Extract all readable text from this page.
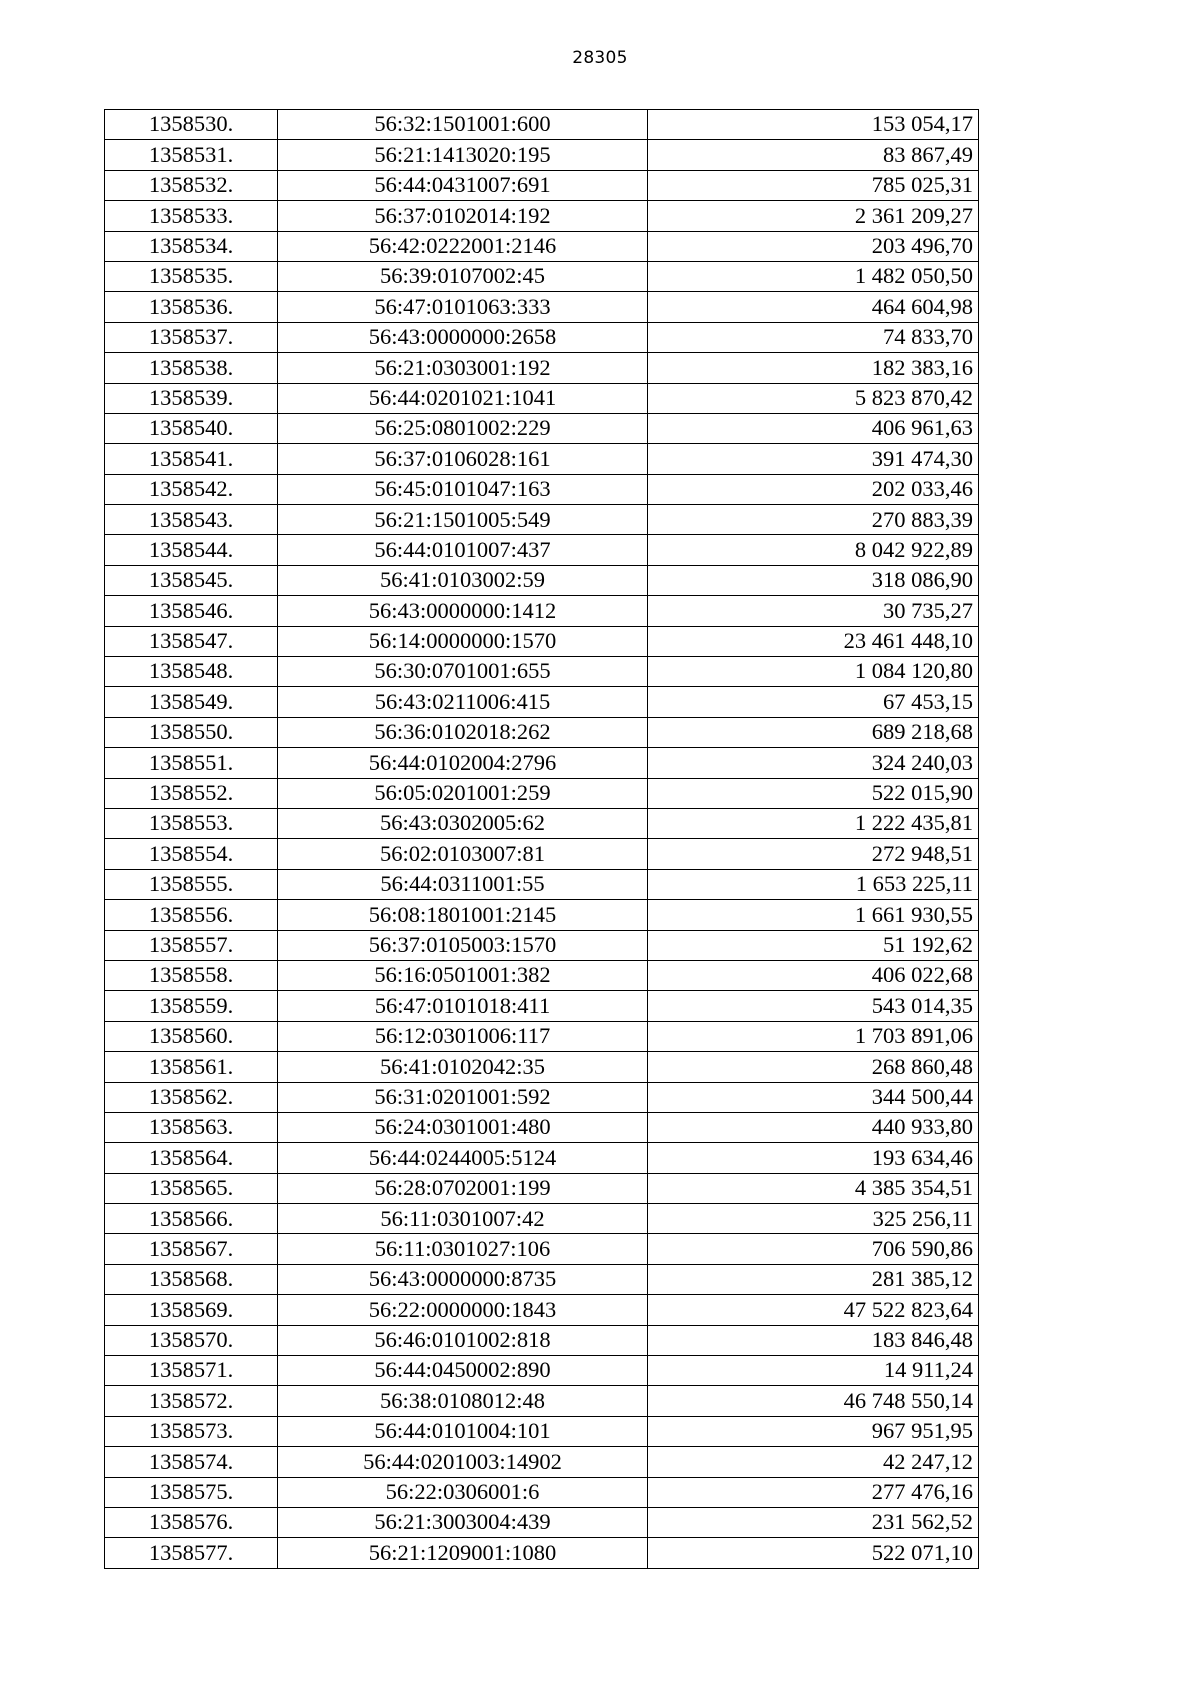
28305
1358530.	56:32:1501001:600	153 054,17
1358531.	56:21:1413020:195	83 867,49
1358532.	56:44:0431007:691	785 025,31
1358533.	56:37:0102014:192	2 361 209,27
1358534.	56:42:0222001:2146	203 496,70
1358535.	56:39:0107002:45	1 482 050,50
1358536.	56:47:0101063:333	464 604,98
1358537.	56:43:0000000:2658	74 833,70
1358538.	56:21:0303001:192	182 383,16
1358539.	56:44:0201021:1041	5 823 870,42
1358540.	56:25:0801002:229	406 961,63
1358541.	56:37:0106028:161	391 474,30
1358542.	56:45:0101047:163	202 033,46
1358543.	56:21:1501005:549	270 883,39
1358544.	56:44:0101007:437	8 042 922,89
1358545.	56:41:0103002:59	318 086,90
1358546.	56:43:0000000:1412	30 735,27
1358547.	56:14:0000000:1570	23 461 448,10
1358548.	56:30:0701001:655	1 084 120,80
1358549.	56:43:0211006:415	67 453,15
1358550.	56:36:0102018:262	689 218,68
1358551.	56:44:0102004:2796	324 240,03
1358552.	56:05:0201001:259	522 015,90
1358553.	56:43:0302005:62	1 222 435,81
1358554.	56:02:0103007:81	272 948,51
1358555.	56:44:0311001:55	1 653 225,11
1358556.	56:08:1801001:2145	1 661 930,55
1358557.	56:37:0105003:1570	51 192,62
1358558.	56:16:0501001:382	406 022,68
1358559.	56:47:0101018:411	543 014,35
1358560.	56:12:0301006:117	1 703 891,06
1358561.	56:41:0102042:35	268 860,48
1358562.	56:31:0201001:592	344 500,44
1358563.	56:24:0301001:480	440 933,80
1358564.	56:44:0244005:5124	193 634,46
1358565.	56:28:0702001:199	4 385 354,51
1358566.	56:11:0301007:42	325 256,11
1358567.	56:11:0301027:106	706 590,86
1358568.	56:43:0000000:8735	281 385,12
1358569.	56:22:0000000:1843	47 522 823,64
1358570.	56:46:0101002:818	183 846,48
1358571.	56:44:0450002:890	14 911,24
1358572.	56:38:0108012:48	46 748 550,14
1358573.	56:44:0101004:101	967 951,95
1358574.	56:44:0201003:14902	42 247,12
1358575.	56:22:0306001:6	277 476,16
1358576.	56:21:3003004:439	231 562,52
1358577.	56:21:1209001:1080	522 071,10
